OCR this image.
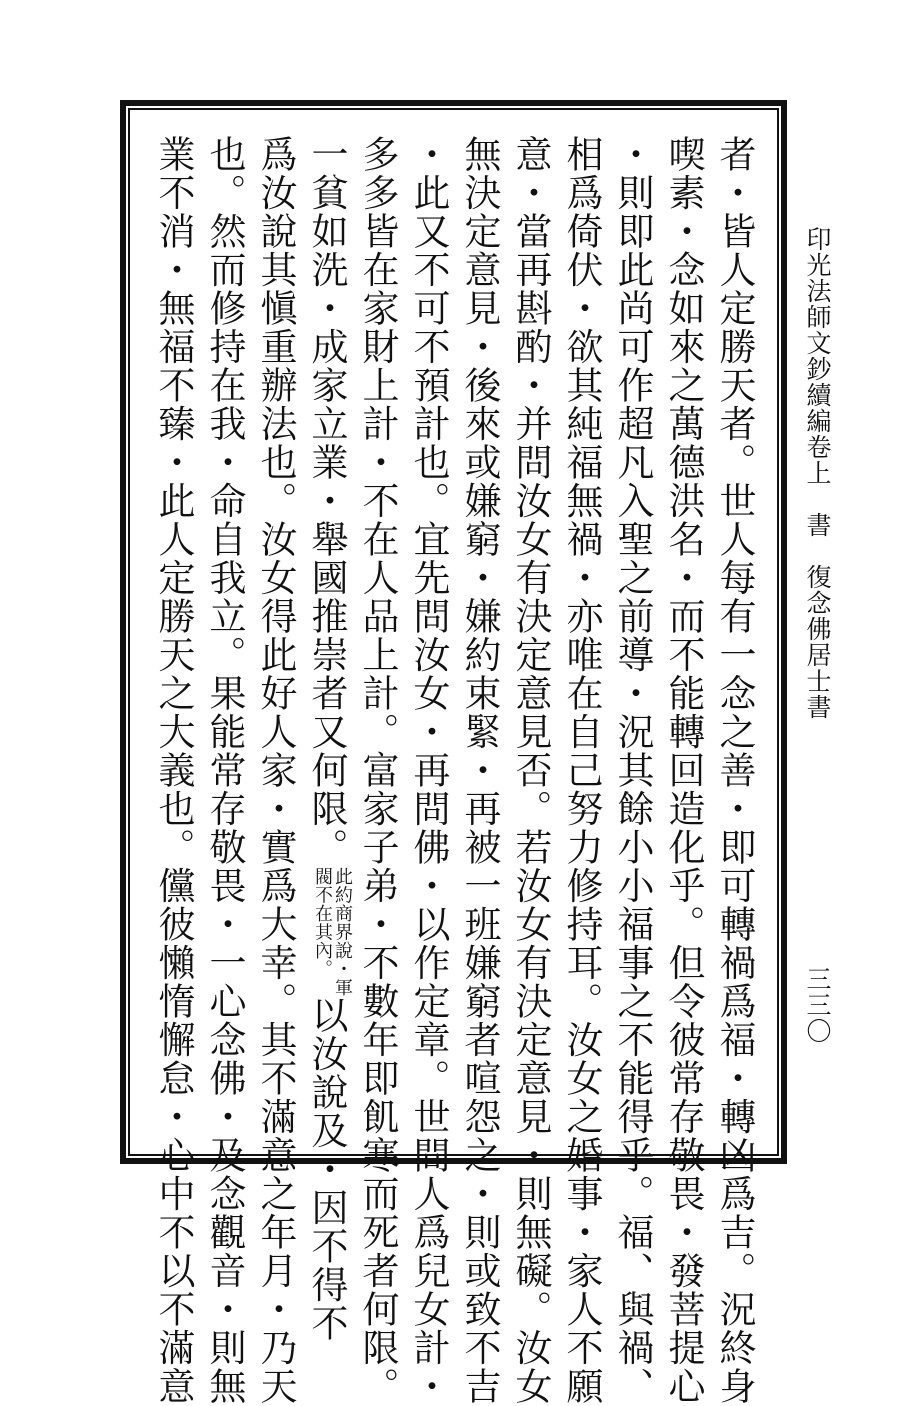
印光法師文鈔續編卷上書復念佛居士書
三三〇
者・皆人定勝天者。世人每有一念之善・即可轉禍爲福・轉凶爲吉。況終身
喫素・念如來之萬德洪名・而不能轉回造化乎。但令彼常存敬畏・發菩提心
・則即此尚可作超凡入聖之前導・況其餘小小福事之不能得乎。福、與禍、
相爲倚伏・欲其純福無禍・亦唯在自己努力修持耳。汝女之婚事・家人不願
意・當再斟酌・并問汝女有決定意見否。若汝女有決定意見・則無礙。汝女
無決定意見・後來或嫌窮・嫌約束緊・再被一班嫌窮者喧怨之・則或致不吉
・此又不可不預計也。宜先問汝女・再問佛・以作定章。世間人爲兒女計・
多多皆在家財上計・不在人品上計。富家子弟・不數年即飢寒而死者何限。
一貧如洗・成家立業・舉國推崇者又何限。
此約商界說・軍
閥不在其內。
以汝說及・因不得不
爲汝說其愼重辦法也。汝女得此好人家・實爲大幸。其不滿意之年月・乃天
也。然而修持在我・命自我立。果能常存敬畏・一心念佛・及念觀音・則無
業不消・無福不臻・此人定勝天之大義也。儻彼懶惰懈怠・心中不以不滿意
